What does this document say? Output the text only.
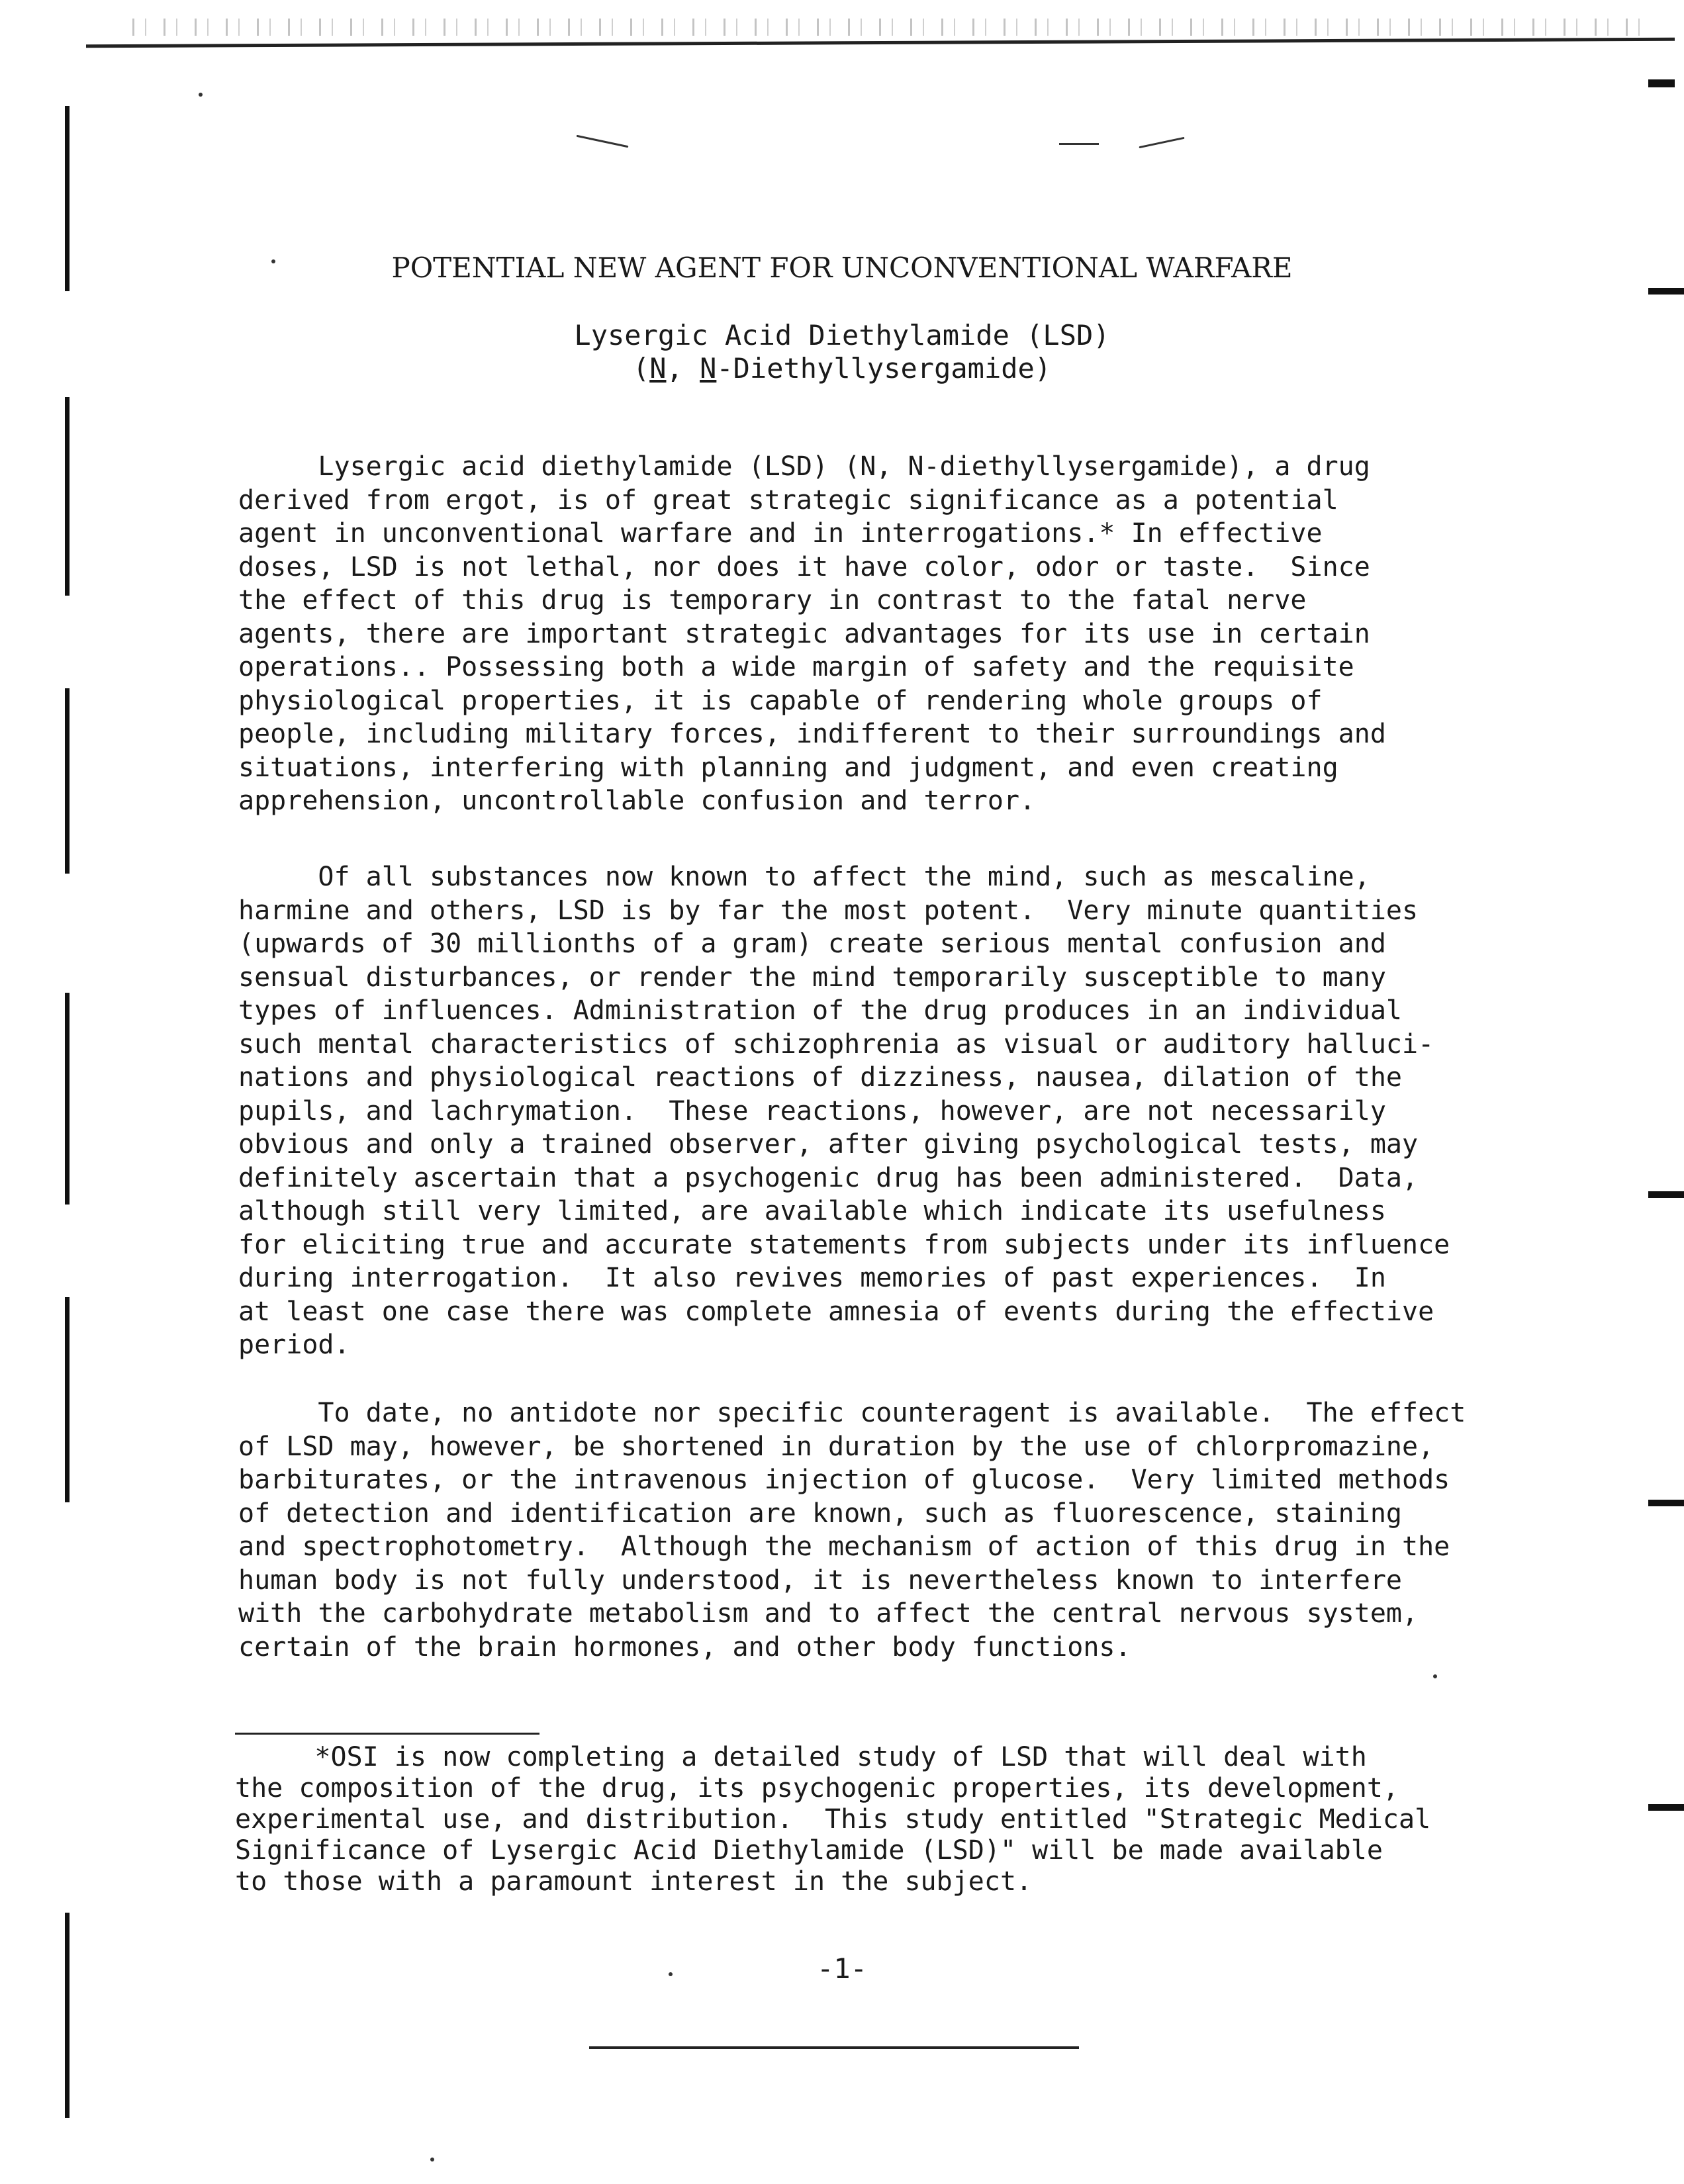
POTENTIAL NEW AGENT FOR UNCONVENTIONAL WARFARE
Lysergic Acid Diethylamide (LSD)
(N, N-Diethyllysergamide)
Lysergic acid diethylamide (LSD) (N, N-diethyllysergamide), a drug
derived from ergot, is of great strategic significance as a potential
agent in unconventional warfare and in interrogations.* In effective
doses, LSD is not lethal, nor does it have color, odor or taste.  Since
the effect of this drug is temporary in contrast to the fatal nerve
agents, there are important strategic advantages for its use in certain
operations.. Possessing both a wide margin of safety and the requisite
physiological properties, it is capable of rendering whole groups of
people, including military forces, indifferent to their surroundings and
situations, interfering with planning and judgment, and even creating
apprehension, uncontrollable confusion and terror.
Of all substances now known to affect the mind, such as mescaline,
harmine and others, LSD is by far the most potent.  Very minute quantities
(upwards of 30 millionths of a gram) create serious mental confusion and
sensual disturbances, or render the mind temporarily susceptible to many
types of influences. Administration of the drug produces in an individual
such mental characteristics of schizophrenia as visual or auditory halluci-
nations and physiological reactions of dizziness, nausea, dilation of the
pupils, and lachrymation.  These reactions, however, are not necessarily
obvious and only a trained observer, after giving psychological tests, may
definitely ascertain that a psychogenic drug has been administered.  Data,
although still very limited, are available which indicate its usefulness
for eliciting true and accurate statements from subjects under its influence
during interrogation.  It also revives memories of past experiences.  In
at least one case there was complete amnesia of events during the effective
period.
To date, no antidote nor specific counteragent is available.  The effect
of LSD may, however, be shortened in duration by the use of chlorpromazine,
barbiturates, or the intravenous injection of glucose.  Very limited methods
of detection and identification are known, such as fluorescence, staining
and spectrophotometry.  Although the mechanism of action of this drug in the
human body is not fully understood, it is nevertheless known to interfere
with the carbohydrate metabolism and to affect the central nervous system,
certain of the brain hormones, and other body functions.
*OSI is now completing a detailed study of LSD that will deal with
the composition of the drug, its psychogenic properties, its development,
experimental use, and distribution.  This study entitled "Strategic Medical
Significance of Lysergic Acid Diethylamide (LSD)" will be made available
to those with a paramount interest in the subject.
-1-
